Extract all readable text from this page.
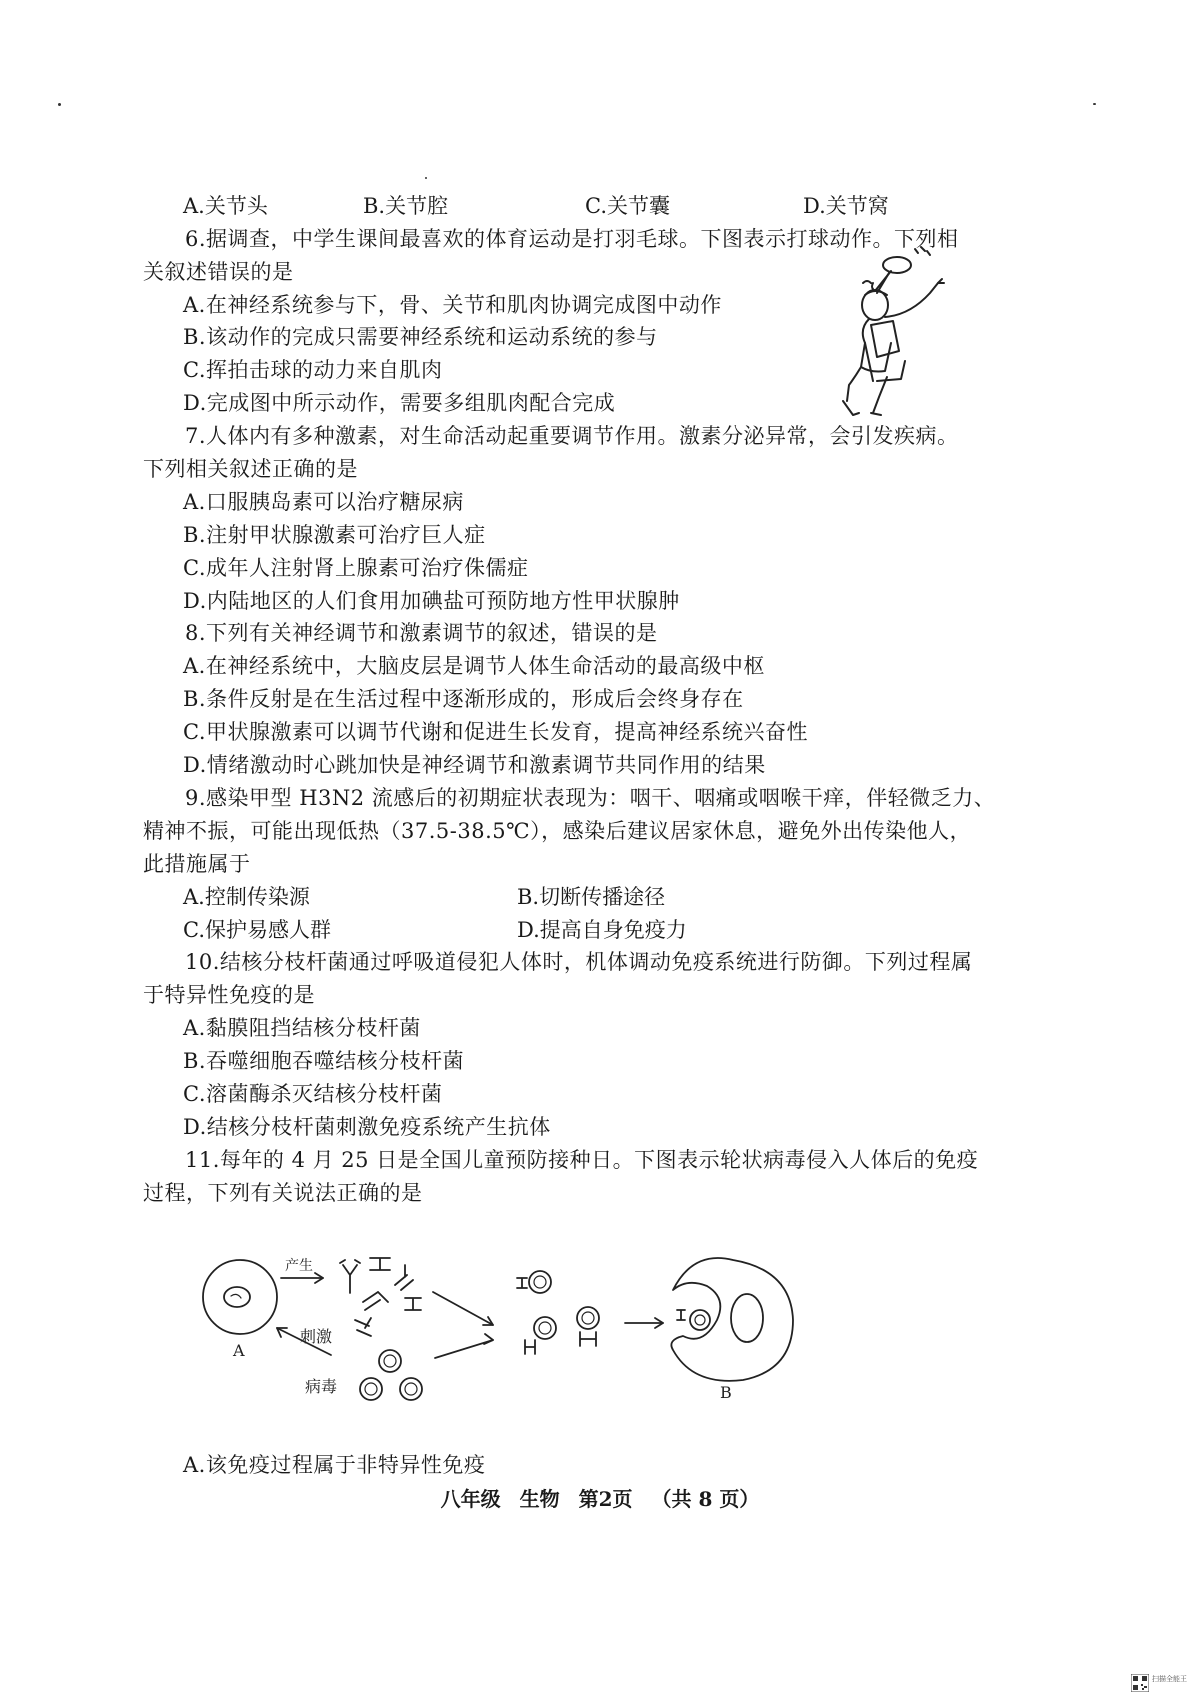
A.关节头	B.关节腔	C.关节囊	D.关节窝
6.据调查，中学生课间最喜欢的体育运动是打羽毛球。下图表示打球动作。下列相
关叙述错误的是
A.在神经系统参与下，骨、关节和肌肉协调完成图中动作
B.该动作的完成只需要神经系统和运动系统的参与
C.挥拍击球的动力来自肌肉
D.完成图中所示动作，需要多组肌肉配合完成
7.人体内有多种激素，对生命活动起重要调节作用。激素分泌异常，会引发疾病。
下列相关叙述正确的是
A.口服胰岛素可以治疗糖尿病
B.注射甲状腺激素可治疗巨人症
C.成年人注射肾上腺素可治疗侏儒症
D.内陆地区的人们食用加碘盐可预防地方性甲状腺肿
8.下列有关神经调节和激素调节的叙述，错误的是
A.在神经系统中，大脑皮层是调节人体生命活动的最高级中枢
B.条件反射是在生活过程中逐渐形成的，形成后会终身存在
C.甲状腺激素可以调节代谢和促进生长发育，提高神经系统兴奋性
D.情绪激动时心跳加快是神经调节和激素调节共同作用的结果
9.感染甲型 H3N2 流感后的初期症状表现为：咽干、咽痛或咽喉干痒，伴轻微乏力、
精神不振，可能出现低热（37.5-38.5℃），感染后建议居家休息，避免外出传染他人，
此措施属于
A.控制传染源	B.切断传播途径
C.保护易感人群	D.提高自身免疫力
10.结核分枝杆菌通过呼吸道侵犯人体时，机体调动免疫系统进行防御。下列过程属
于特异性免疫的是
A.黏膜阻挡结核分枝杆菌
B.吞噬细胞吞噬结核分枝杆菌
C.溶菌酶杀灭结核分枝杆菌
D.结核分枝杆菌刺激免疫系统产生抗体
11.每年的 4 月 25 日是全国儿童预防接种日。下图表示轮状病毒侵入人体后的免疫
过程，下列有关说法正确的是
A
产生
刺激
病毒	B
A.该免疫过程属于非特异性免疫
八年级 生物 第2页 （共 8 页）
扫描全能王
